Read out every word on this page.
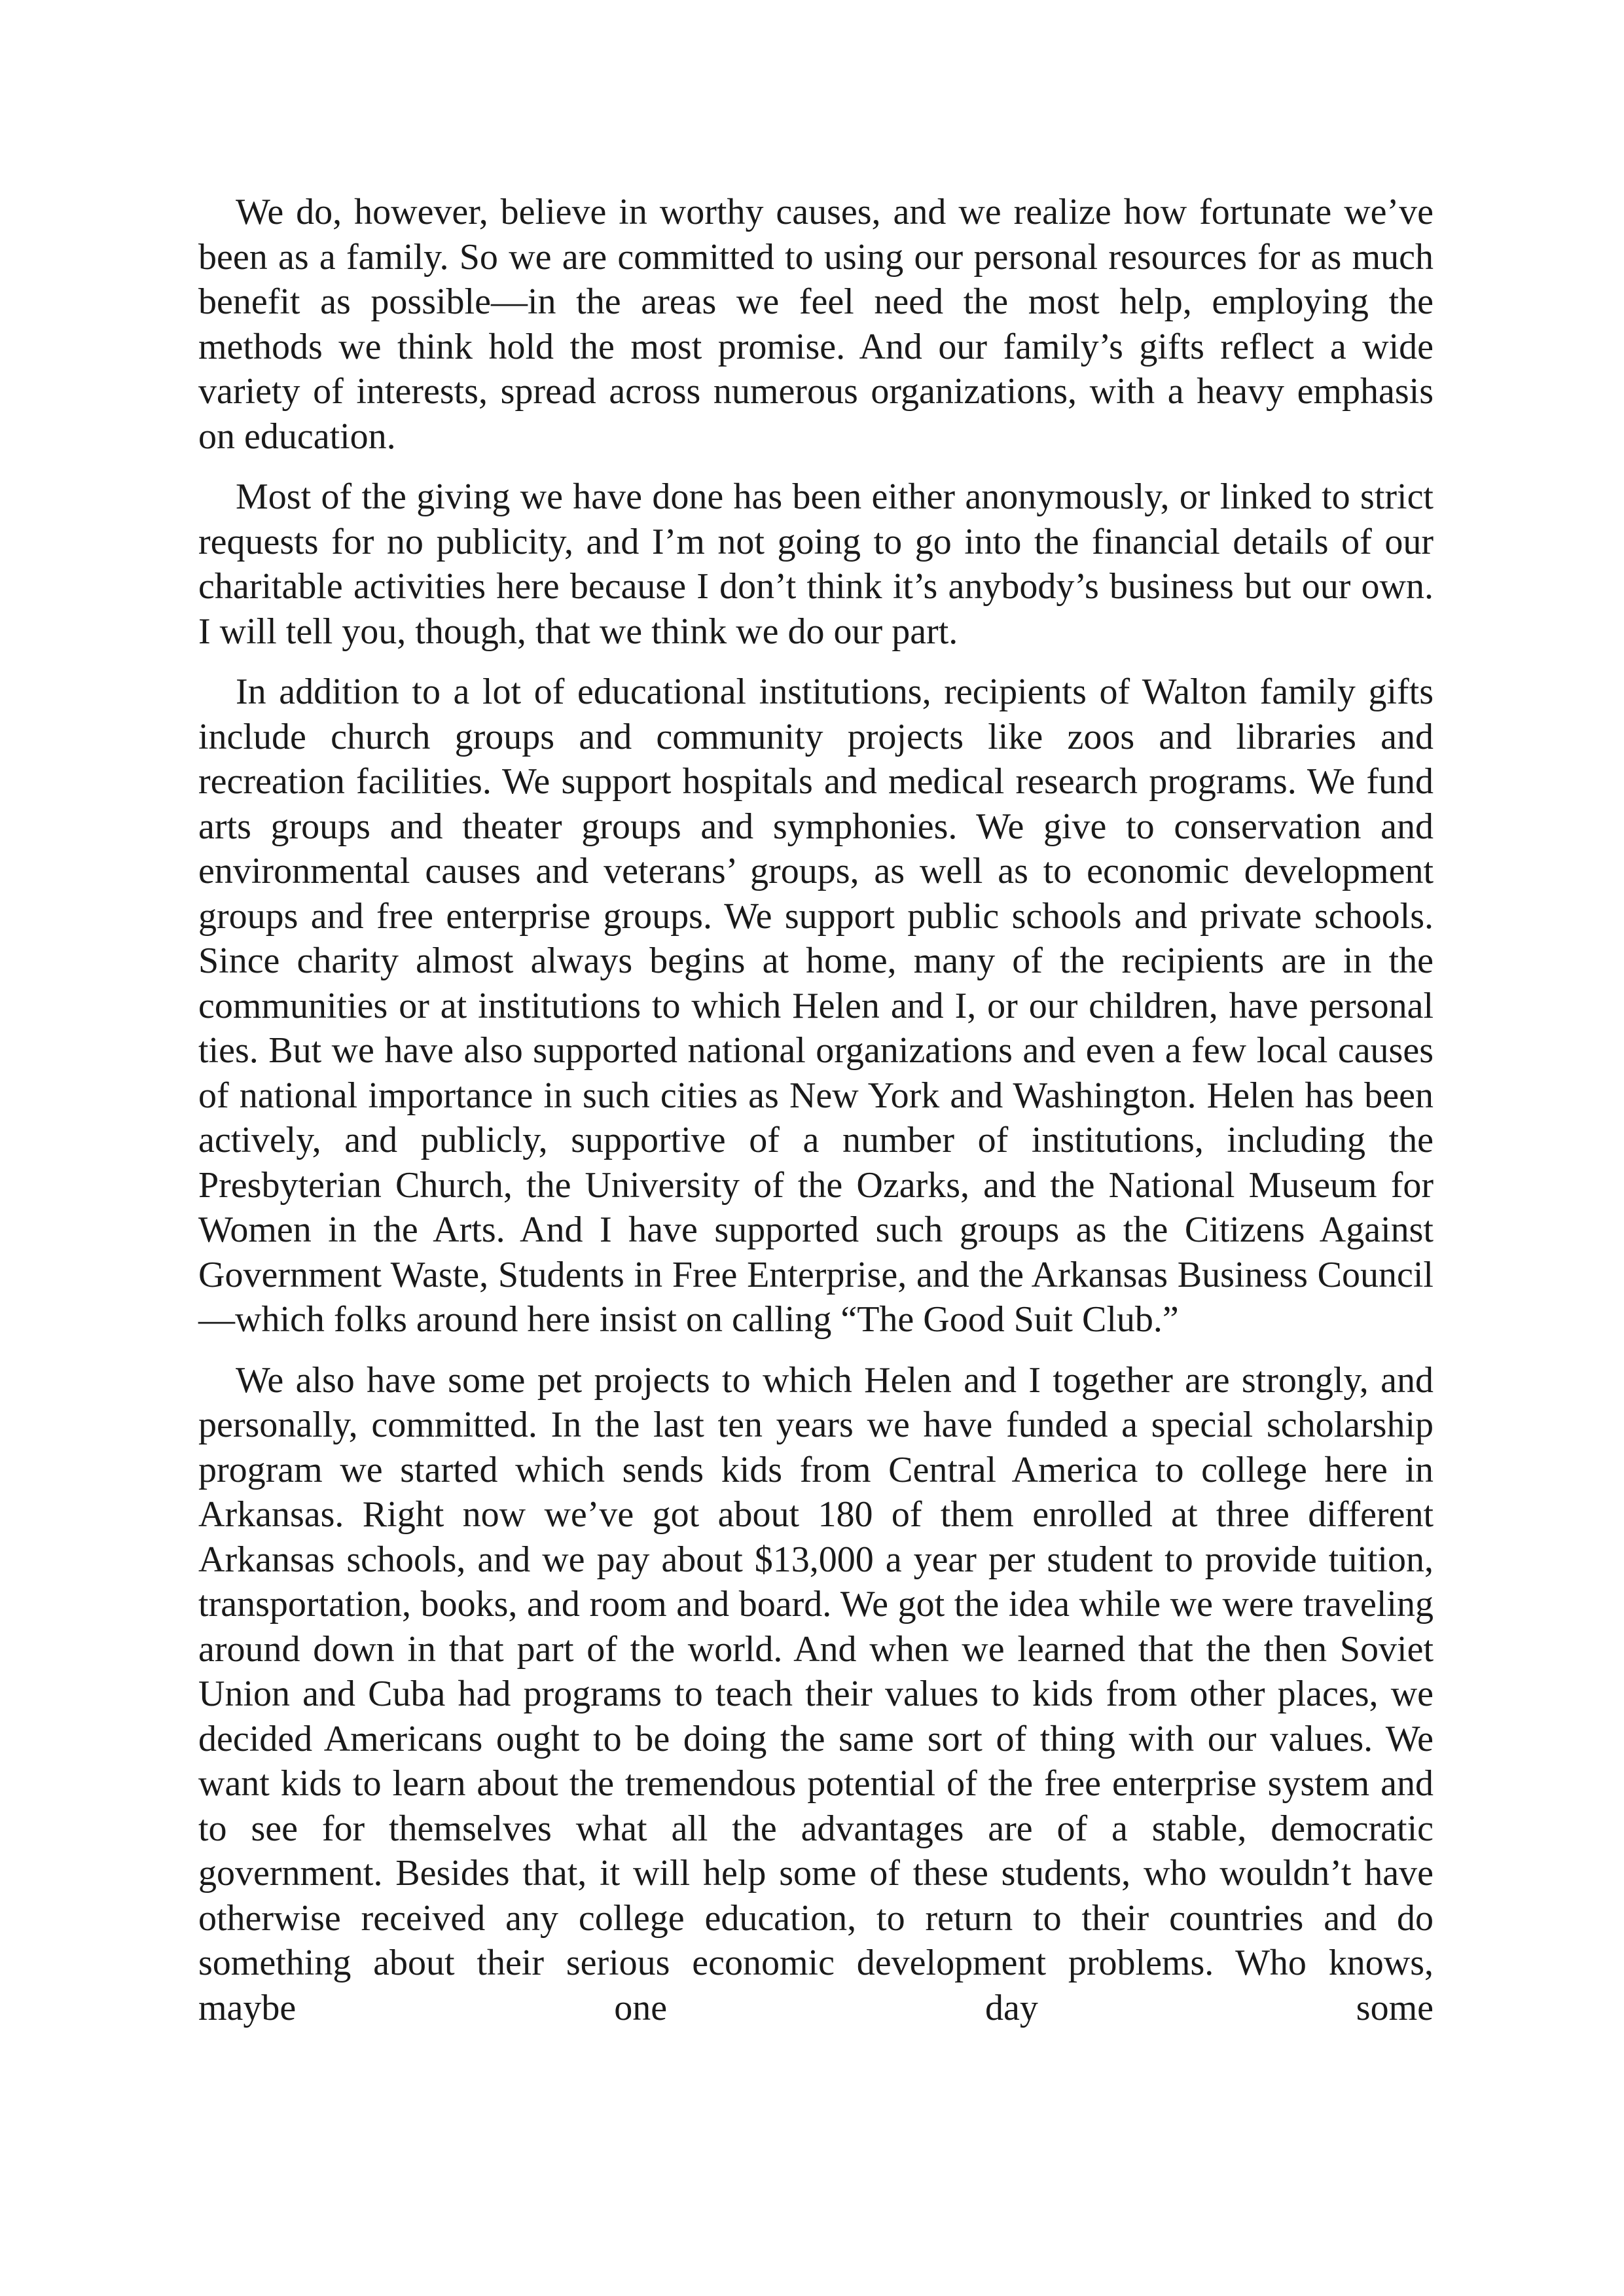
We do, however, believe in worthy causes, and we realize how fortunate we’ve been as a family. So we are committed to using our personal resources for as much benefit as possible—in the areas we feel need the most help, employing the methods we think hold the most promise. And our family’s gifts reflect a wide variety of interests, spread across numerous organizations, with a heavy emphasis on education.

Most of the giving we have done has been either anonymously, or linked to strict requests for no publicity, and I’m not going to go into the financial details of our charitable activities here because I don’t think it’s anybody’s business but our own. I will tell you, though, that we think we do our part.

In addition to a lot of educational institutions, recipients of Walton family gifts include church groups and community projects like zoos and libraries and recreation facilities. We support hospitals and medical research programs. We fund arts groups and theater groups and symphonies. We give to conservation and environmental causes and veterans’ groups, as well as to economic development groups and free enterprise groups. We support public schools and private schools. Since charity almost always begins at home, many of the recipients are in the communities or at institutions to which Helen and I, or our children, have personal ties. But we have also supported national organizations and even a few local causes of national importance in such cities as New York and Washington. Helen has been actively, and publicly, supportive of a number of institutions, including the Presbyterian Church, the University of the Ozarks, and the National Museum for Women in the Arts. And I have supported such groups as the Citizens Against Government Waste, Students in Free Enterprise, and the Arkansas Business Council—which folks around here insist on calling “The Good Suit Club.”

We also have some pet projects to which Helen and I together are strongly, and personally, committed. In the last ten years we have funded a special scholarship program we started which sends kids from Central America to college here in Arkansas. Right now we’ve got about 180 of them enrolled at three different Arkansas schools, and we pay about $13,000 a year per student to provide tuition, transportation, books, and room and board. We got the idea while we were traveling around down in that part of the world. And when we learned that the then Soviet Union and Cuba had programs to teach their values to kids from other places, we decided Americans ought to be doing the same sort of thing with our values. We want kids to learn about the tremendous potential of the free enterprise system and to see for themselves what all the advantages are of a stable, democratic government. Besides that, it will help some of these students, who wouldn’t have otherwise received any college education, to return to their countries and do something about their serious economic development problems. Who knows, maybe one day some
